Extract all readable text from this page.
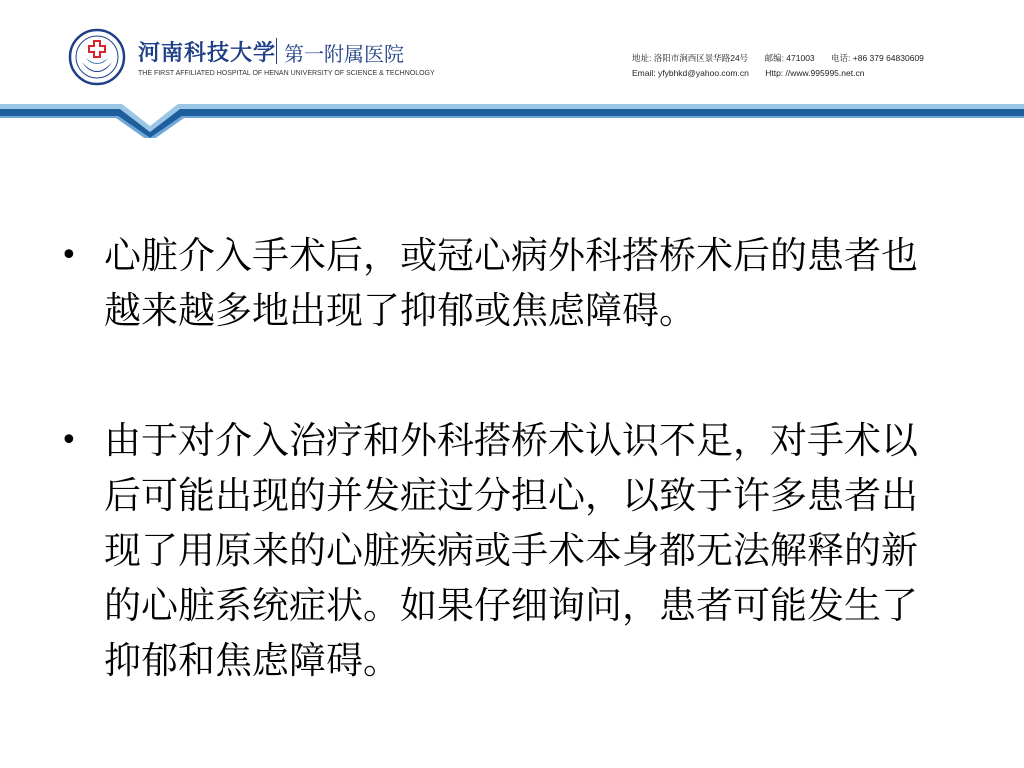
河南科技大学 第一附属医院
THE FIRST AFFILIATED HOSPITAL OF HENAN UNIVERSITY OF SCIENCE & TECHNOLOGY
地址: 洛阳市涧西区景华路24号 邮编: 471003 电话: +86 379 64830609
Email: yfybhkd@yahoo.com.cn Http: //www.995995.net.cn
• 心脏介入手术后，或冠心病外科搭桥术后的患者也越来越多地出现了抑郁或焦虑障碍。
• 由于对介入治疗和外科搭桥术认识不足，对手术以后可能出现的并发症过分担心，以致于许多患者出现了用原来的心脏疾病或手术本身都无法解释的新的心脏系统症状。如果仔细询问，患者可能发生了抑郁和焦虑障碍。
